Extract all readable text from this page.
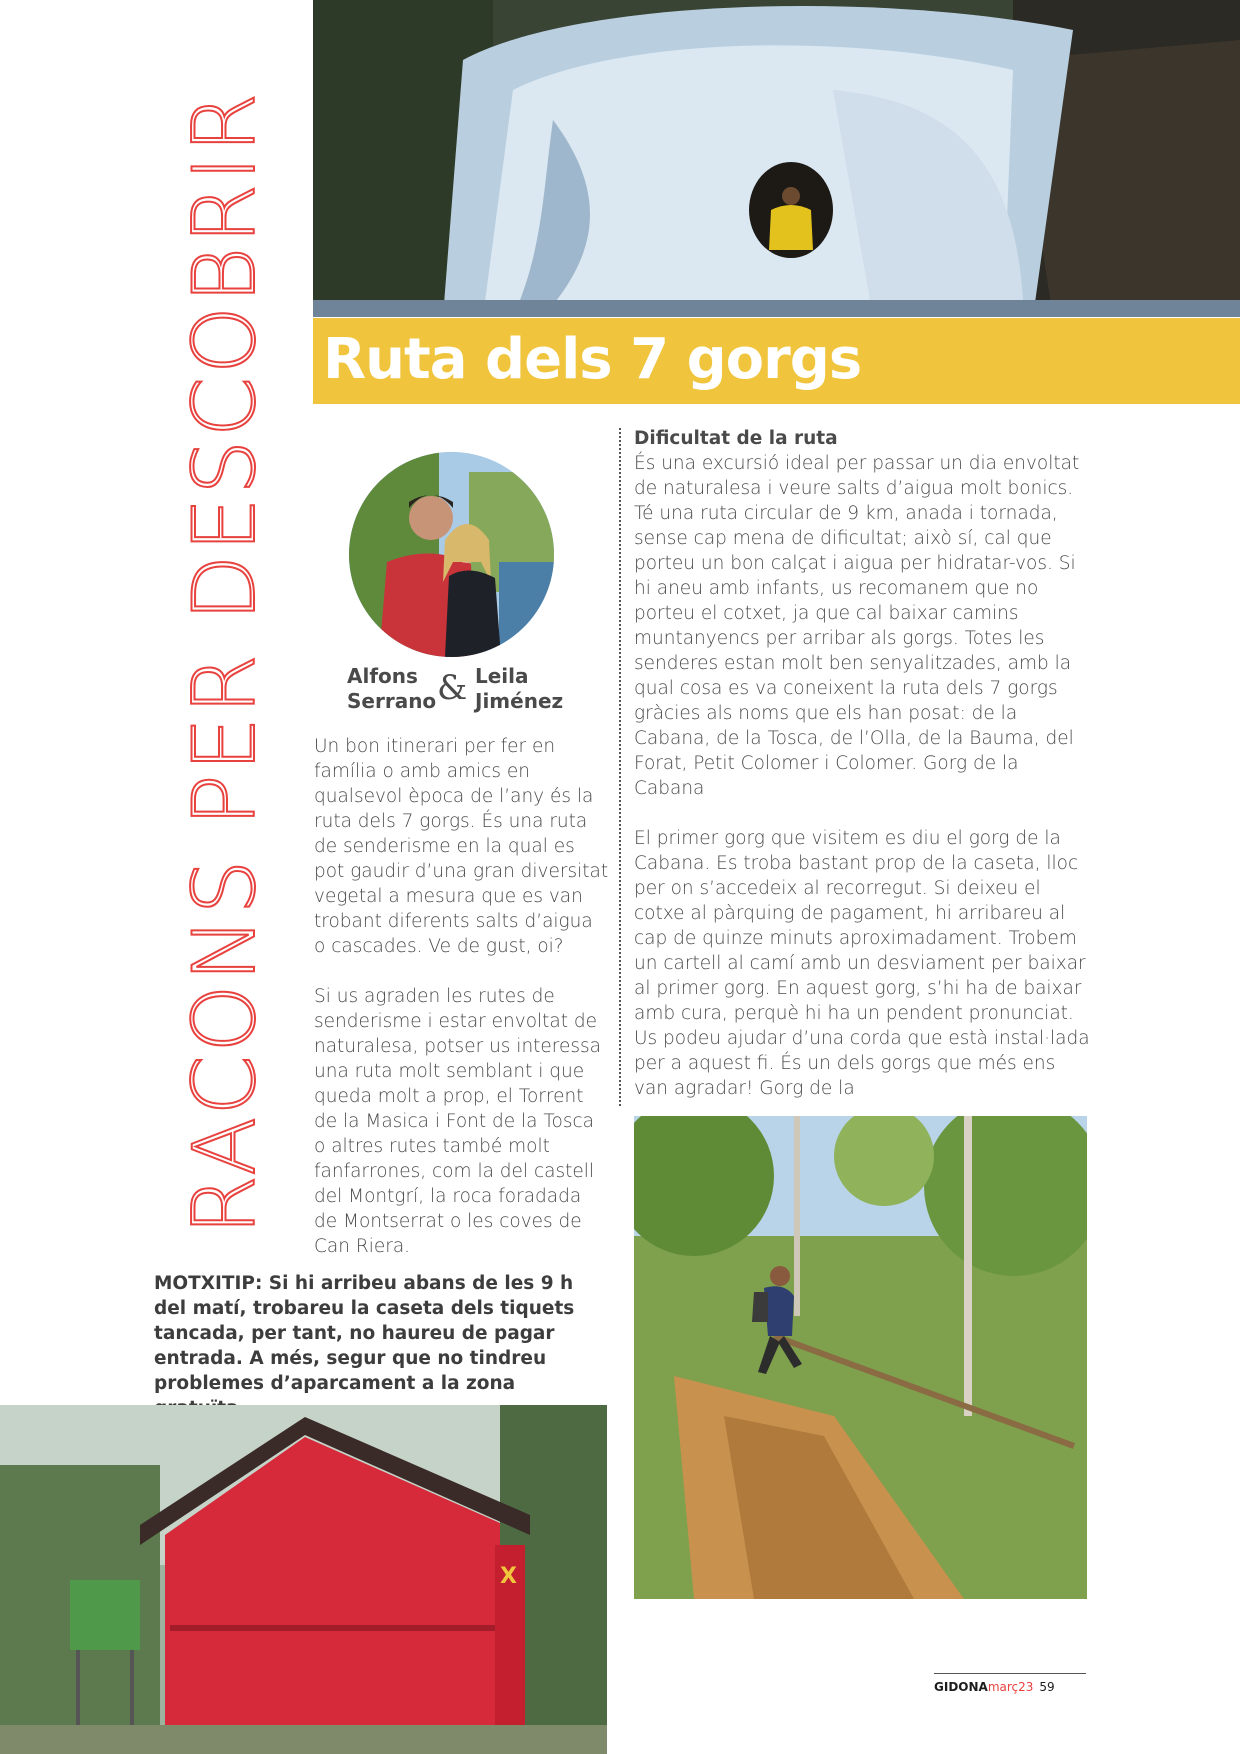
Ruta dels 7 gorgs
RACONS PER DESCOBRIR	Alfons
Serrano & Leila
Jiménez

Un bon itinerari per fer en família o amb amics en qualsevol època de l’any és la ruta dels 7 gorgs. És una ruta de senderisme en la qual es pot gaudir d’una gran diversitat vegetal a mesura que es van trobant diferents salts d’aigua o cascades. Ve de gust, oi?

Si us agraden les rutes de senderisme i estar envoltat de naturalesa, potser us interessa una ruta molt semblant i que queda molt a prop, el Torrent de la Masica i Font de la Tosca o altres rutes també molt fanfarrones, com la del castell del Montgrí, la roca foradada de Montserrat o les coves de Can Riera.

Dificultat de la ruta

És una excursió ideal per passar un dia envoltat de naturalesa i veure salts d’aigua molt bonics. Té una ruta circular de 9 km, anada i tornada, sense cap mena de dificultat; això sí, cal que porteu un bon calçat i aigua per hidratar-vos. Si hi aneu amb infants, us recomanem que no porteu el cotxet, ja que cal baixar camins muntanyencs per arribar als gorgs. Totes les senderes estan molt ben senyalitzades, amb la qual cosa es va coneixent la ruta dels 7 gorgs gràcies als noms que els han posat: de la Cabana, de la Tosca, de l’Olla, de la Bauma, del Forat, Petit Colomer i Colomer. Gorg de la Cabana

El primer gorg que visitem es diu el gorg de la Cabana. Es troba bastant prop de la caseta, lloc per on s’accedeix al recorregut. Si deixeu el cotxe al pàrquing de pagament, hi arribareu al cap de quinze minuts aproximadament. Trobem un cartell al camí amb un desviament per baixar al primer gorg. En aquest gorg, s’hi ha de baixar amb cura, perquè hi ha un pendent pronunciat. Us podeu ajudar d’una corda que està instal·lada per a aquest fi. És un dels gorgs que més ens van agradar! Gorg de la

MOTXITIP: Si hi arribeu abans de les 9 h del matí, trobareu la caseta dels tiquets tancada, per tant, no haureu de pagar entrada. A més, segur que no tindreu problemes d’aparcament a la zona

X
GIDONAmarç23 59
